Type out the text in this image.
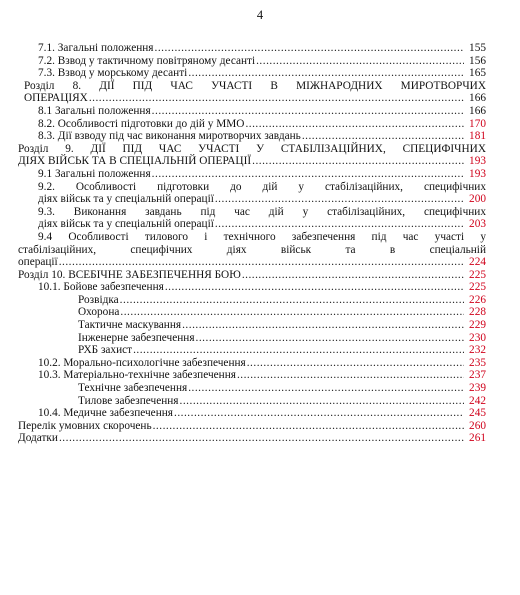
4
7.1. Загальні положення .....	155
7.2. Взвод у тактичному повітряному десанті .....	156
7.3. Взвод у морському десанті .....	165
Розділ 8. ДІЇ ПІД ЧАС УЧАСТІ В МІЖНАРОДНИХ МИРОТВОРЧИХ
ОПЕРАЦІЯХ .....	166
8.1 Загальні положення .....	166
8.2. Особливості підготовки до дій у ММО .....	170
8.3. Дії взводу під час виконання миротворчих завдань .....	181
Розділ 9. ДІЇ ПІД ЧАС УЧАСТІ У СТАБІЛІЗАЦІЙНИХ, СПЕЦИФІЧНИХ
ДІЯХ ВІЙСЬК ТА В СПЕЦІАЛЬНІЙ ОПЕРАЦІЇ .....	193
9.1 Загальні положення .....	193
9.2. Особливості підготовки до дій у стабілізаційних, специфічних
діях військ та у спеціальній операції .....	200
9.3. Виконання завдань під час дій у стабілізаційних, специфічних
діях військ та у спеціальній операції .....	203
9.4 Особливості тилового і технічного забезпечення під час участі у
стабілізаційних, специфічних діях військ та в спеціальній
операції .....	224
Розділ 10. ВСЕБІЧНЕ ЗАБЕЗПЕЧЕННЯ БОЮ .....	225
10.1. Бойове забезпечення .....	225
Розвідка .....	226
Охорона .....	228
Тактичне маскування .....	229
Інженерне забезпечення .....	230
РХБ захист .....	232
10.2. Морально-психологічне забезпечення .....	235
10.3. Матеріально-технічне забезпечення .....	237
Технічне забезпечення .....	239
Тилове забезпечення .....	242
10.4. Медичне забезпечення .....	245
Перелік умовних скорочень .....	260
Додатки .....	261
